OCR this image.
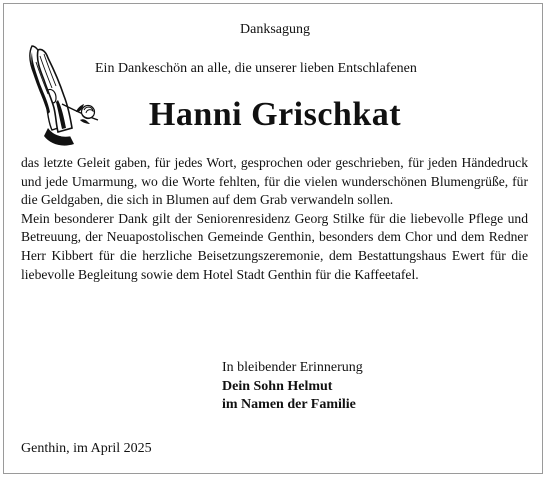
Danksagung
Ein Dankeschön an alle, die unserer lieben Entschlafenen
Hanni Grischkat

das letzte Geleit gaben, für jedes Wort, gesprochen oder geschrieben, für jeden Händedruck und jede Umarmung, wo die Worte fehlten, für die vielen wunderschönen Blumengrüße, für die Geldgaben, die sich in Blumen auf dem Grab verwandeln sollen.

Mein besonderer Dank gilt der Seniorenresidenz Georg Stilke für die liebevolle Pflege und Betreuung, der Neuapostolischen Gemeinde Genthin, besonders dem Chor und dem Redner Herr Kibbert für die herzliche Beisetzungszeremonie, dem Bestattungshaus Ewert für die liebevolle Begleitung sowie dem Hotel Stadt Genthin für die Kaffeetafel.

In bleibender Erinnerung
Dein Sohn Helmut
im Namen der Familie
Genthin, im April 2025
